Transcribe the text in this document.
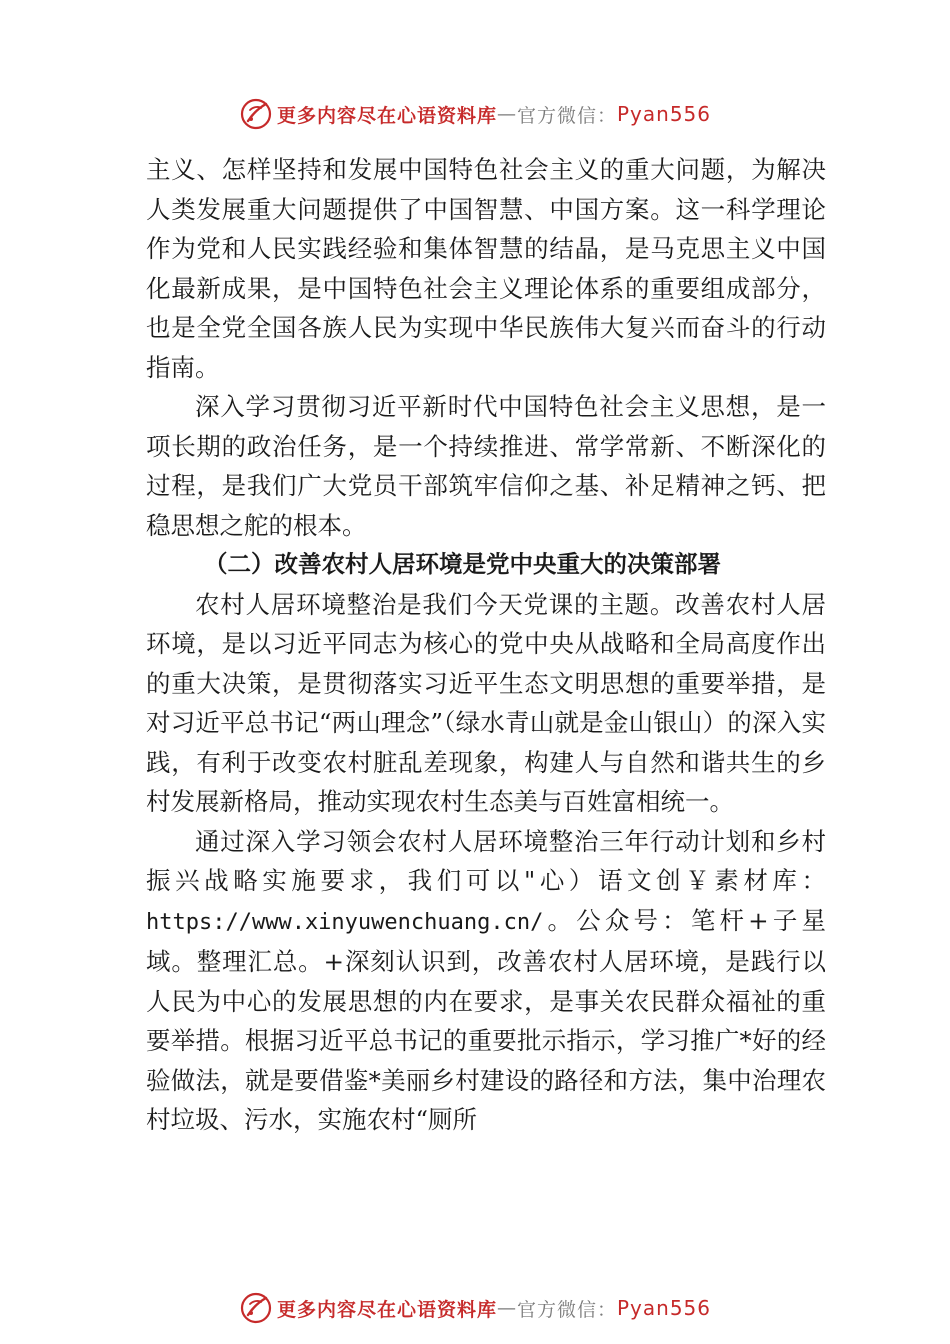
更多内容尽在心语资料库 — 官方微信： Pyan556

主义、怎样坚持和发展中国特色社会主义的重大问题，为解决人类发展重大问题提供了中国智慧、中国方案。这一科学理论作为党和人民实践经验和集体智慧的结晶，是马克思主义中国化最新成果，是中国特色社会主义理论体系的重要组成部分，也是全党全国各族人民为实现中华民族伟大复兴而奋斗的行动指南。

深入学习贯彻习近平新时代中国特色社会主义思想，是一项长期的政治任务，是一个持续推进、常学常新、不断深化的过程，是我们广大党员干部筑牢信仰之基、补足精神之钙、把稳思想之舵的根本。

（二）改善农村人居环境是党中央重大的决策部署

农村人居环境整治是我们今天党课的主题。改善农村人居环境，是以习近平同志为核心的党中央从战略和全局高度作出的重大决策，是贯彻落实习近平生态文明思想的重要举措，是对习近平总书记“两山理念”（绿水青山就是金山银山）的深入实践，有利于改变农村脏乱差现象，构建人与自然和谐共生的乡村发展新格局，推动实现农村生态美与百姓富相统一。

通过深入学习领会农村人居环境整治三年行动计划和乡村振兴战略实施要求，我们可以"心）语文创￥素材库：https://www.xinyuwenchuang.cn/。公众号：笔杆+子星域。整理汇总。+深刻认识到，改善农村人居环境，是践行以人民为中心的发展思想的内在要求，是事关农民群众福祉的重要举措。根据习近平总书记的重要批示指示，学习推广*好的经验做法，就是要借鉴*美丽乡村建设的路径和方法，集中治理农村垃圾、污水，实施农村“厕所

更多内容尽在心语资料库 — 官方微信： Pyan556
